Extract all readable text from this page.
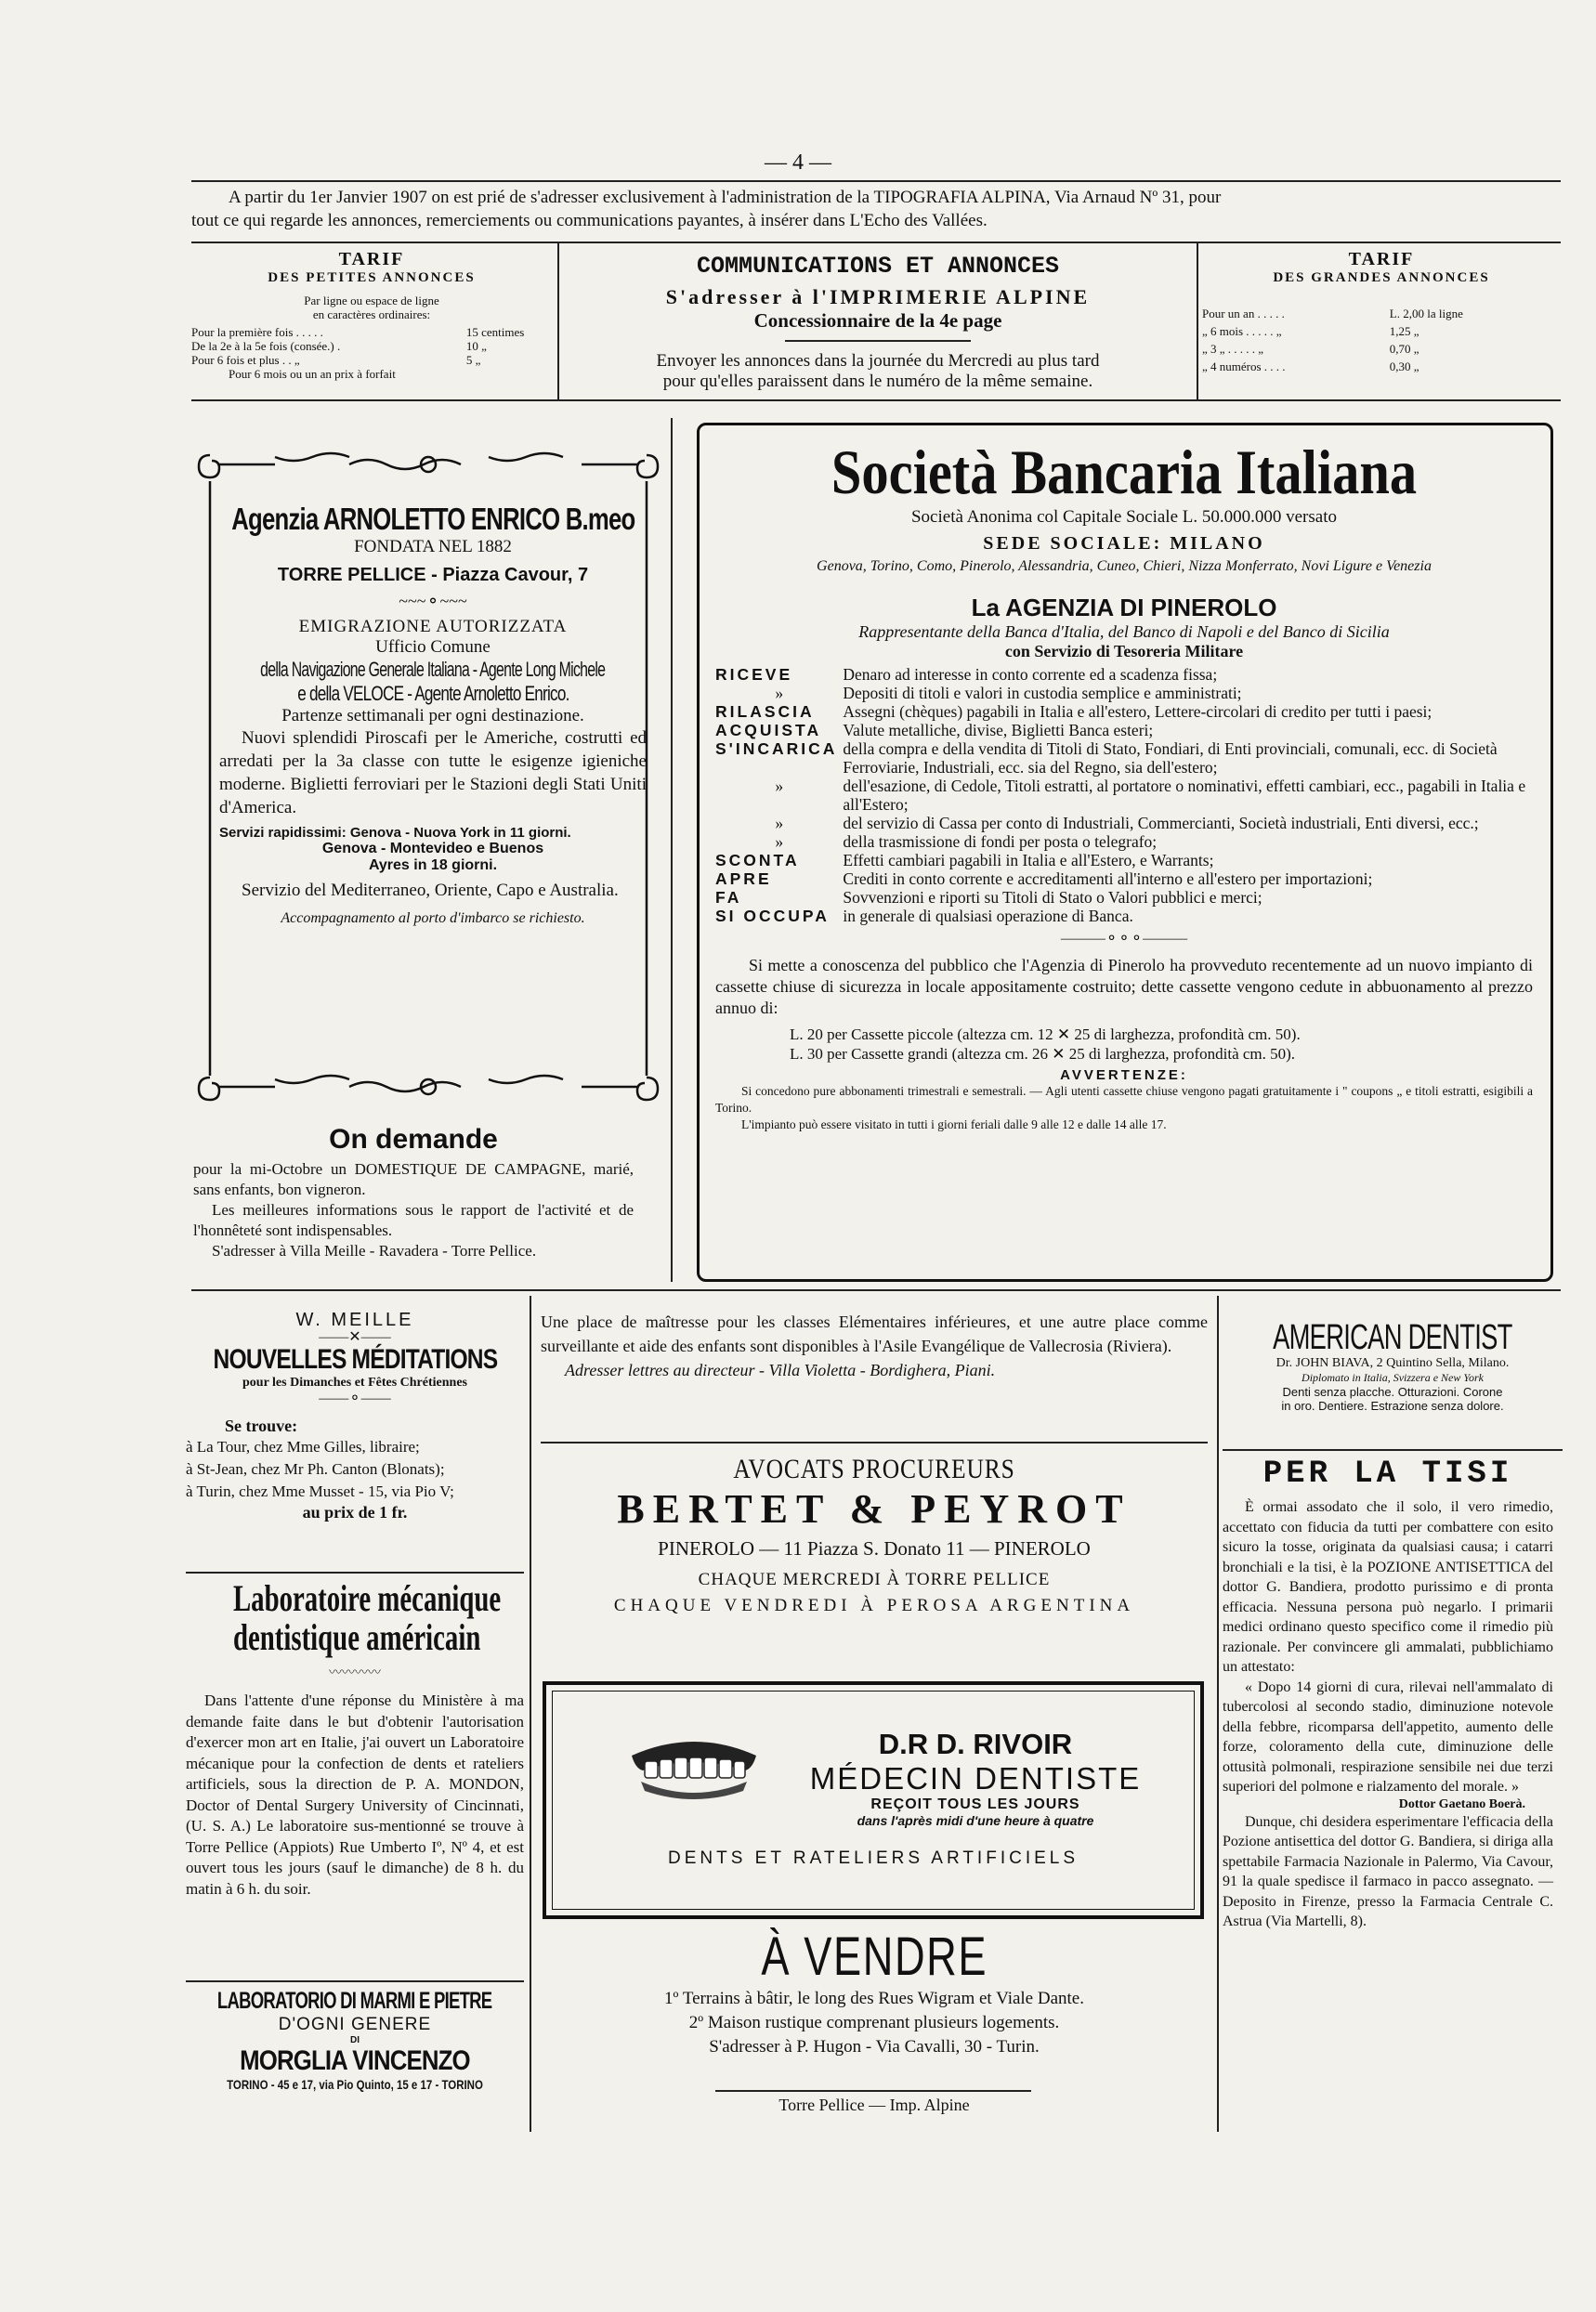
— 4 —
A partir du 1er Janvier 1907 on est prié de s'adresser exclusivement à l'administration de la TIPOGRAFIA ALPINA, Via Arnaud Nº 31, pour
tout ce qui regarde les annonces, remerciements ou communications payantes, à insérer dans L'Echo des Vallées.
TARIF
DES PETITES ANNONCES
Par ligne ou espace de ligne
en caractères ordinaires:
Pour la première fois . . . . .	15 centimes
De la 2e à la 5e fois (consée.) .	10 „
Pour 6 fois et plus . . „	5 „
Pour 6 mois ou un an prix à forfait	
COMMUNICATIONS ET ANNONCES
S'adresser à l'IMPRIMERIE ALPINE
Concessionnaire de la 4e page
Envoyer les annonces dans la journée du Mercredi au plus tard
pour qu'elles paraissent dans le numéro de la même semaine.
TARIF
DES GRANDES ANNONCES
Pour un an . . . . .	L. 2,00 la ligne
„ 6 mois . . . . . „	1,25 „
„ 3 „ . . . . . „	0,70 „
„ 4 numéros . . . .	0,30 „
Agenzia ARNOLETTO ENRICO B.meo
FONDATA NEL 1882
TORRE PELLICE - Piazza Cavour, 7
~~~⚬~~~
EMIGRAZIONE AUTORIZZATA
Ufficio Comune
della Navigazione Generale Italiana - Agente Long Michele e della VELOCE - Agente Arnoletto Enrico.
Partenze settimanali per ogni destinazione.
Nuovi splendidi Piroscafi per le Americhe, costrutti ed arredati per la 3a classe con tutte le esigenze igieniche moderne. Biglietti ferroviari per le Stazioni degli Stati Uniti d'America.
Servizi rapidissimi: Genova - Nuova York in 11 giorni.
Genova - Montevideo e Buenos
Ayres in 18 giorni.
Servizio del Mediterraneo, Oriente, Capo e Australia.
Accompagnamento al porto d'imbarco se richiesto.
On demande
pour la mi-Octobre un DOMESTIQUE DE CAMPAGNE, marié, sans enfants, bon vigneron.
Les meilleures informations sous le rapport de l'activité et de l'honnêteté sont indispensables.
S'adresser à Villa Meille - Ravadera - Torre Pellice.
Società Bancaria Italiana
Società Anonima col Capitale Sociale L. 50.000.000 versato
SEDE SOCIALE: MILANO
Genova, Torino, Como, Pinerolo, Alessandria, Cuneo, Chieri, Nizza Monferrato, Novi Ligure e Venezia
La AGENZIA DI PINEROLO
Rappresentante della Banca d'Italia, del Banco di Napoli e del Banco di Sicilia
con Servizio di Tesoreria Militare
RICEVE	Denaro ad interesse in conto corrente ed a scadenza fissa;
»	Depositi di titoli e valori in custodia semplice e amministrati;
RILASCIA	Assegni (chèques) pagabili in Italia e all'estero, Lettere-circolari di credito per tutti i paesi;
ACQUISTA	Valute metalliche, divise, Biglietti Banca esteri;
S'INCARICA	della compra e della vendita di Titoli di Stato, Fondiari, di Enti provinciali, comunali, ecc. di Società Ferroviarie, Industriali, ecc. sia del Regno, sia dell'estero;
»	dell'esazione, di Cedole, Titoli estratti, al portatore o nominativi, effetti cambiari, ecc., pagabili in Italia e all'Estero;
»	del servizio di Cassa per conto di Industriali, Commercianti, Società industriali, Enti diversi, ecc.;
»	della trasmissione di fondi per posta o telegrafo;
SCONTA	Effetti cambiari pagabili in Italia e all'Estero, e Warrants;
APRE	Crediti in conto corrente e accreditamenti all'interno e all'estero per importazioni;
FA	Sovvenzioni e riporti su Titoli di Stato o Valori pubblici e merci;
SI OCCUPA	in generale di qualsiasi operazione di Banca.
———⚬⚬⚬———
Si mette a conoscenza del pubblico che l'Agenzia di Pinerolo ha provveduto recentemente ad un nuovo impianto di cassette chiuse di sicurezza in locale appositamente costruito; dette cassette vengono cedute in abbuonamento al prezzo annuo di:
L. 20 per Cassette piccole (altezza cm. 12 ✕ 25 di larghezza, profondità cm. 50).
L. 30 per Cassette grandi (altezza cm. 26 ✕ 25 di larghezza, profondità cm. 50).
AVVERTENZE:
Si concedono pure abbonamenti trimestrali e semestrali. — Agli utenti cassette chiuse vengono pagati gratuitamente i " coupons „ e titoli estratti, esigibili a Torino.
L'impianto può essere visitato in tutti i giorni feriali dalle 9 alle 12 e dalle 14 alle 17.
W. MEILLE
——✕——
NOUVELLES MÉDITATIONS
pour les Dimanches et Fêtes Chrétiennes
——⚬——
Se trouve:
à La Tour, chez Mme Gilles, libraire;
à St-Jean, chez Mr Ph. Canton (Blonats);
à Turin, chez Mme Musset - 15, via Pio V;
au prix de 1 fr.
Laboratoire mécanique
dentistique américain
〰〰〰〰
Dans l'attente d'une réponse du Ministère à ma demande faite dans le but d'obtenir l'autorisation d'exercer mon art en Italie, j'ai ouvert un Laboratoire mécanique pour la confection de dents et rateliers artificiels, sous la direction de P. A. MONDON, Doctor of Dental Surgery University of Cincinnati, (U. S. A.) Le laboratoire sus-mentionné se trouve à Torre Pellice (Appiots) Rue Umberto Iº, Nº 4, et est ouvert tous les jours (sauf le dimanche) de 8 h. du matin à 6 h. du soir.
LABORATORIO DI MARMI E PIETRE
D'OGNI GENERE
DI
MORGLIA VINCENZO
TORINO - 45 e 17, via Pio Quinto, 15 e 17 - TORINO
Une place de maîtresse pour les classes Elémentaires inférieures, et une autre place comme surveillante et aide des enfants sont disponibles à l'Asile Evangélique de Vallecrosia (Riviera).
Adresser lettres au directeur - Villa Violetta - Bordighera, Piani.
AVOCATS PROCUREURS
BERTET & PEYROT
PINEROLO — 11 Piazza S. Donato 11 — PINEROLO
CHAQUE MERCREDI À TORRE PELLICE
CHAQUE VENDREDI À PEROSA ARGENTINA
D.R D. RIVOIR
MÉDECIN DENTISTE
REÇOIT TOUS LES JOURS
dans l'après midi d'une heure à quatre
DENTS ET RATELIERS ARTIFICIELS
À VENDRE
1º Terrains à bâtir, le long des Rues Wigram et Viale Dante.
2º Maison rustique comprenant plusieurs logements.
S'adresser à P. Hugon - Via Cavalli, 30 - Turin.
Torre Pellice — Imp. Alpine
AMERICAN DENTIST
Dr. JOHN BIAVA, 2 Quintino Sella, Milano.
Diplomato in Italia, Svizzera e New York
Denti senza placche. Otturazioni. Corone
in oro. Dentiere. Estrazione senza dolore.
PER LA TISI
È ormai assodato che il solo, il vero rimedio, accettato con fiducia da tutti per combattere con esito sicuro la tosse, originata da qualsiasi causa; i catarri bronchiali e la tisi, è la POZIONE ANTISETTICA del dottor G. Bandiera, prodotto purissimo e di pronta efficacia. Nessuna persona può negarlo. I primarii medici ordinano questo specifico come il rimedio più razionale. Per convincere gli ammalati, pubblichiamo un attestato:
« Dopo 14 giorni di cura, rilevai nell'ammalato di tubercolosi al secondo stadio, diminuzione notevole della febbre, ricomparsa dell'appetito, aumento delle forze, coloramento della cute, diminuzione delle ottusità polmonali, respirazione sensibile nei due terzi superiori del polmone e rialzamento del morale. »
Dottor Gaetano Boerà.
Dunque, chi desidera esperimentare l'efficacia della Pozione antisettica del dottor G. Bandiera, si diriga alla spettabile Farmacia Nazionale in Palermo, Via Cavour, 91 la quale spedisce il farmaco in pacco assegnato. — Deposito in Firenze, presso la Farmacia Centrale C. Astrua (Via Martelli, 8).
